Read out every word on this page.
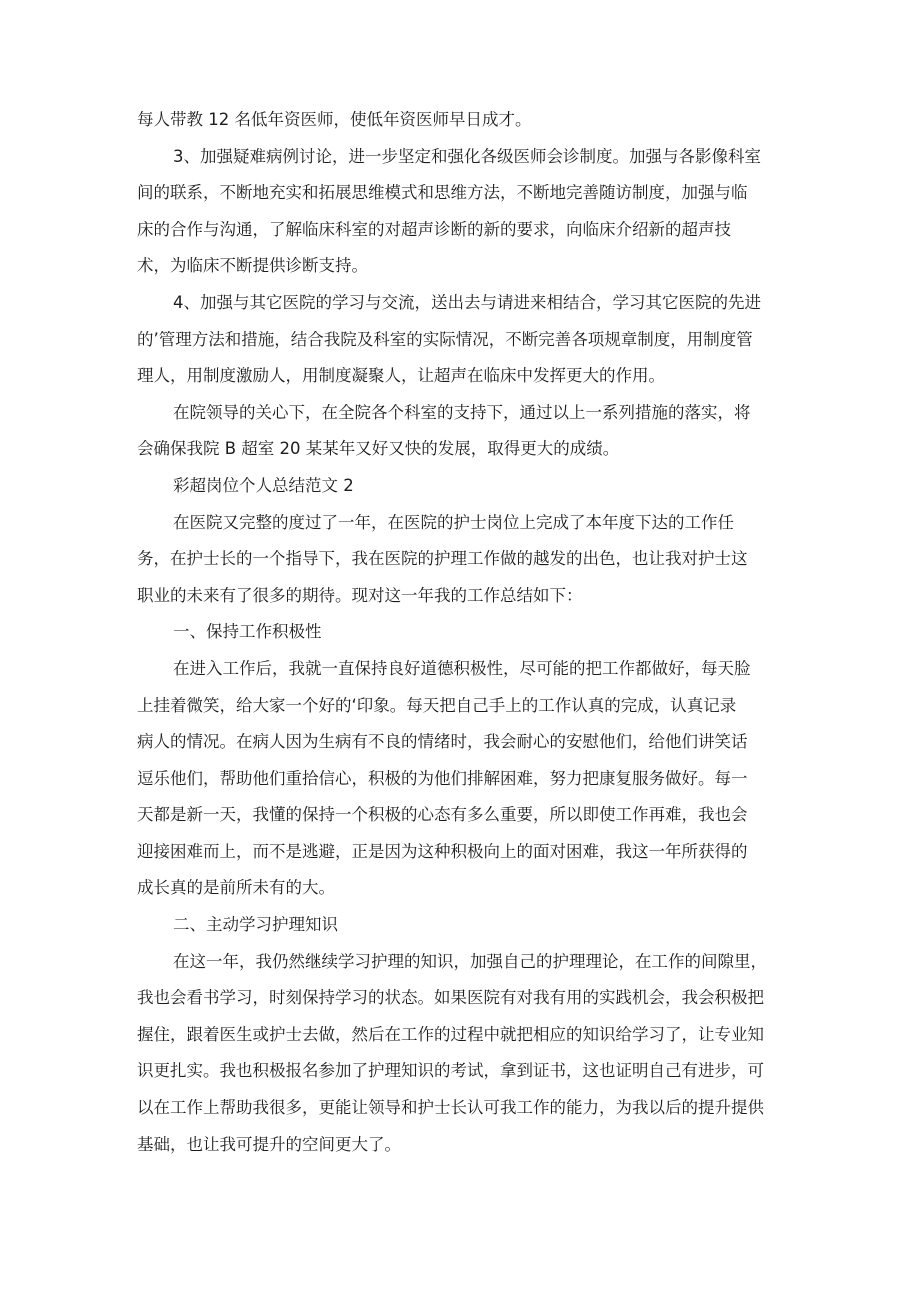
每人带教 12 名低年资医师，使低年资医师早日成才。

3、加强疑难病例讨论，进一步坚定和强化各级医师会诊制度。加强与各影像科室

间的联系，不断地充实和拓展思维模式和思维方法，不断地完善随访制度，加强与临

床的合作与沟通，了解临床科室的对超声诊断的新的要求，向临床介绍新的超声技

术，为临床不断提供诊断支持。

4、加强与其它医院的学习与交流，送出去与请进来相结合，学习其它医院的先进

的’管理方法和措施，结合我院及科室的实际情况，不断完善各项规章制度，用制度管

理人，用制度激励人，用制度凝聚人，让超声在临床中发挥更大的作用。

在院领导的关心下，在全院各个科室的支持下，通过以上一系列措施的落实，将

会确保我院 B 超室 20 某某年又好又快的发展，取得更大的成绩。

彩超岗位个人总结范文 2

在医院又完整的度过了一年，在医院的护士岗位上完成了本年度下达的工作任

务，在护士长的一个指导下，我在医院的护理工作做的越发的出色，也让我对护士这

职业的未来有了很多的期待。现对这一年我的工作总结如下：

一、保持工作积极性

在进入工作后，我就一直保持良好道德积极性，尽可能的把工作都做好，每天脸

上挂着微笑，给大家一个好的‘印象。每天把自己手上的工作认真的完成，认真记录

病人的情况。在病人因为生病有不良的情绪时，我会耐心的安慰他们，给他们讲笑话

逗乐他们，帮助他们重拾信心，积极的为他们排解困难，努力把康复服务做好。每一

天都是新一天，我懂的保持一个积极的心态有多么重要，所以即使工作再难，我也会

迎接困难而上，而不是逃避，正是因为这种积极向上的面对困难，我这一年所获得的

成长真的是前所未有的大。

二、主动学习护理知识

在这一年，我仍然继续学习护理的知识，加强自己的护理理论，在工作的间隙里，

我也会看书学习，时刻保持学习的状态。如果医院有对我有用的实践机会，我会积极把

握住，跟着医生或护士去做，然后在工作的过程中就把相应的知识给学习了，让专业知

识更扎实。我也积极报名参加了护理知识的考试，拿到证书，这也证明自己有进步，可

以在工作上帮助我很多，更能让领导和护士长认可我工作的能力，为我以后的提升提供

基础，也让我可提升的空间更大了。
